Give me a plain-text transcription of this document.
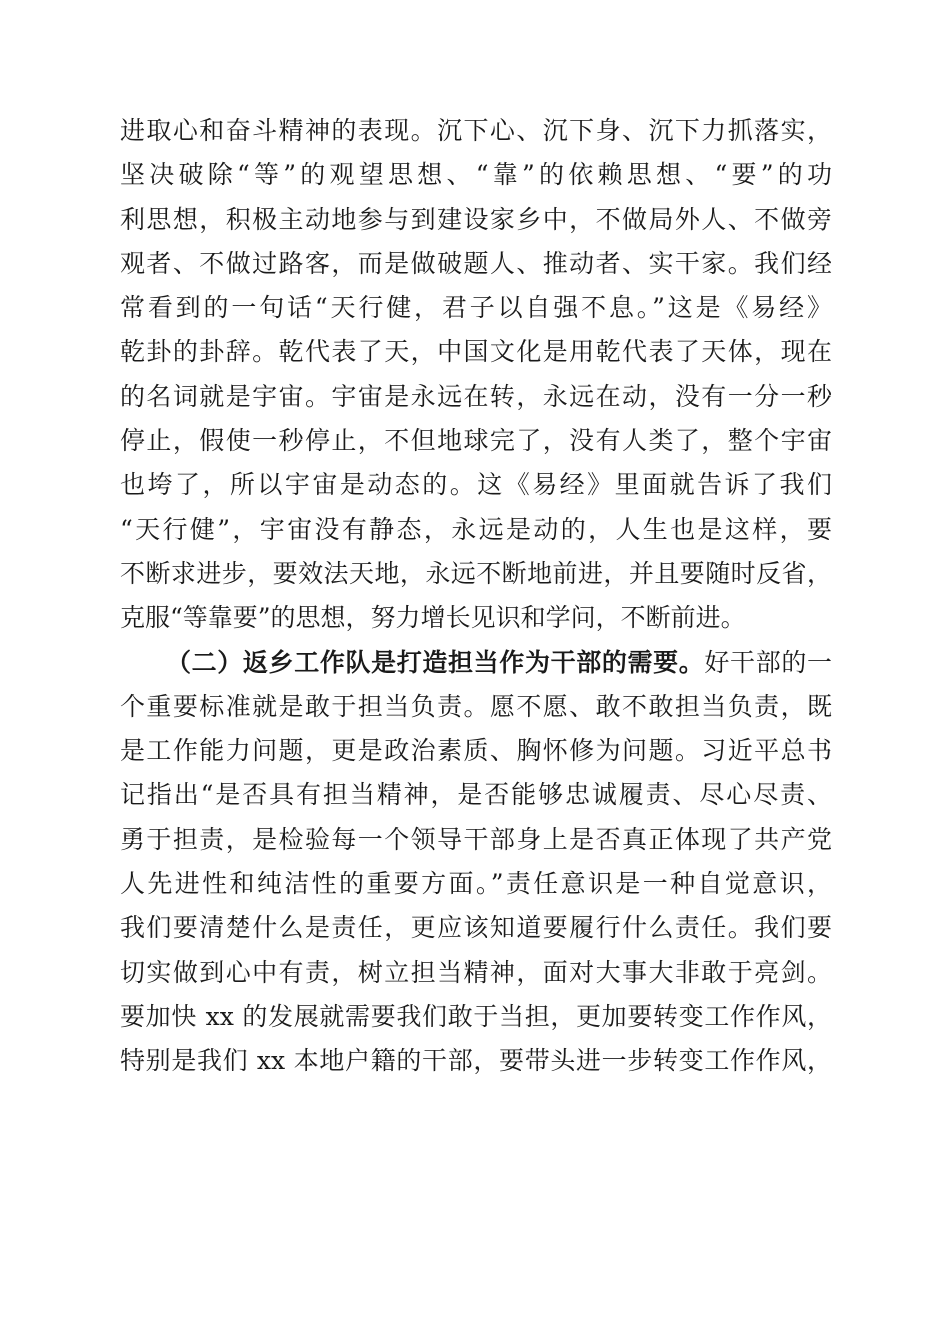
进取心和奋斗精神的表现。沉下心、沉下身、沉下力抓落实，
坚决破除“等”的观望思想、“靠”的依赖思想、“要”的功
利思想，积极主动地参与到建设家乡中，不做局外人、不做旁
观者、不做过路客，而是做破题人、推动者、实干家。我们经
常看到的一句话“天行健，君子以自强不息。”这是《易经》
乾卦的卦辞。乾代表了天，中国文化是用乾代表了天体，现在
的名词就是宇宙。宇宙是永远在转，永远在动，没有一分一秒
停止，假使一秒停止，不但地球完了，没有人类了，整个宇宙
也垮了，所以宇宙是动态的。这《易经》里面就告诉了我们
“天行健”，宇宙没有静态，永远是动的，人生也是这样，要
不断求进步，要效法天地，永远不断地前进，并且要随时反省，
克服“等靠要”的思想，努力增长见识和学问，不断前进。
（二）返乡工作队是打造担当作为干部的需要。好干部的一
个重要标准就是敢于担当负责。愿不愿、敢不敢担当负责，既
是工作能力问题，更是政治素质、胸怀修为问题。习近平总书
记指出“是否具有担当精神，是否能够忠诚履责、尽心尽责、
勇于担责，是检验每一个领导干部身上是否真正体现了共产党
人先进性和纯洁性的重要方面。”责任意识是一种自觉意识，
我们要清楚什么是责任，更应该知道要履行什么责任。我们要
切实做到心中有责，树立担当精神，面对大事大非敢于亮剑。
要加快 xx 的发展就需要我们敢于当担，更加要转变工作作风，
特别是我们 xx 本地户籍的干部，要带头进一步转变工作作风，
